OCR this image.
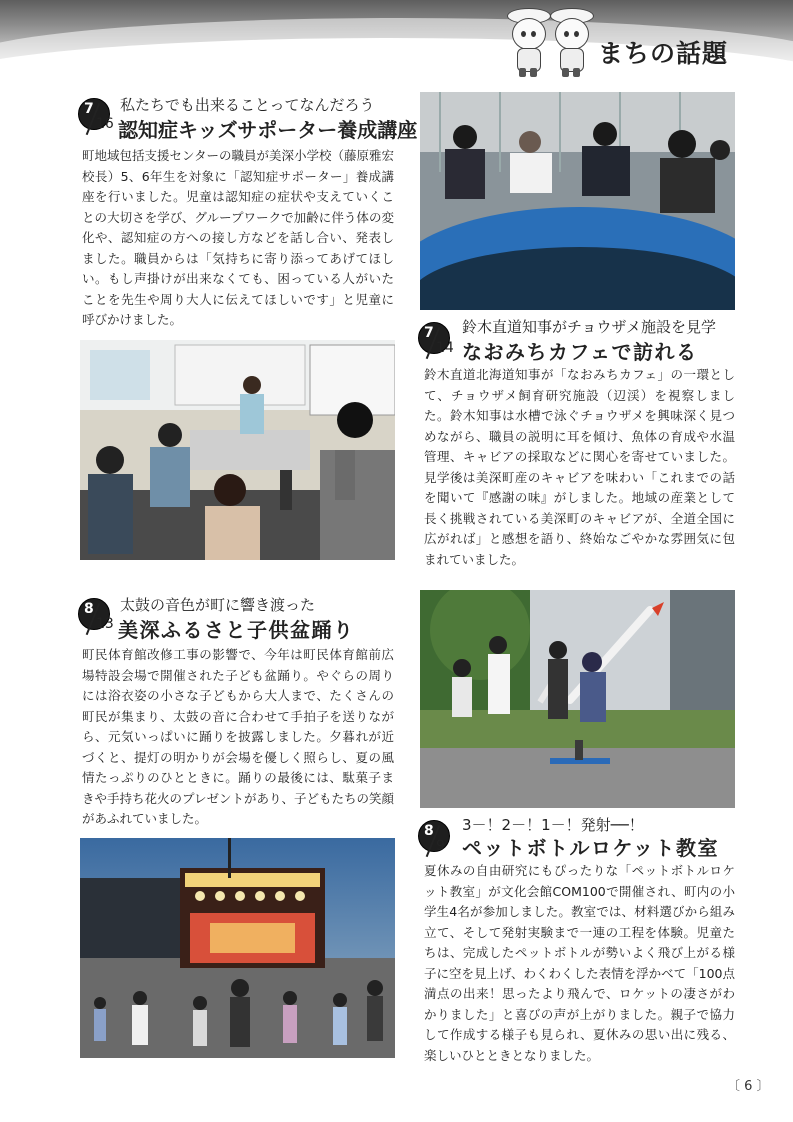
まちの話題
7
16
私たちでも出来ることってなんだろう
認知症キッズサポーター養成講座
町地域包括支援センターの職員が美深小学校（藤原雅宏校長）5、6年生を対象に「認知症サポーター」養成講座を行いました。児童は認知症の症状や支えていくことの大切さを学び、グループワークで加齢に伴う体の変化や、認知症の方への接し方などを話し合い、発表しました。職員からは「気持ちに寄り添ってあげてほしい。もし声掛けが出来なくても、困っている人がいたことを先生や周り大人に伝えてほしいです」と児童に呼びかけました。
7
14
鈴木直道知事がチョウザメ施設を見学
なおみちカフェで訪れる
鈴木直道北海道知事が「なおみちカフェ」の一環として、チョウザメ飼育研究施設（辺渓）を視察しました。鈴木知事は水槽で泳ぐチョウザメを興味深く見つめながら、職員の説明に耳を傾け、魚体の育成や水温管理、キャビアの採取などに関心を寄せていました。見学後は美深町産のキャビアを味わい「これまでの話を聞いて『感謝の味』がしました。地域の産業として長く挑戦されている美深町のキャビアが、全道全国に広がれば」と感想を語り、終始なごやかな雰囲気に包まれていました。
8
13
太鼓の音色が町に響き渡った
美深ふるさと子供盆踊り
町民体育館改修工事の影響で、今年は町民体育館前広場特設会場で開催された子ども盆踊り。やぐらの周りには浴衣姿の小さな子どもから大人まで、たくさんの町民が集まり、太鼓の音に合わせて手拍子を送りながら、元気いっぱいに踊りを披露しました。夕暮れが近づくと、提灯の明かりが会場を優しく照らし、夏の風情たっぷりのひとときに。踊りの最後には、駄菓子まきや手持ち花火のプレゼントがあり、子どもたちの笑顔があふれていました。
8
9
3－！2－！1－！発射──！
ペットボトルロケット教室
夏休みの自由研究にもぴったりな「ペットボトルロケット教室」が文化会館COM100で開催され、町内の小学生4名が参加しました。教室では、材料選びから組み立て、そして発射実験まで一連の工程を体験。児童たちは、完成したペットボトルが勢いよく飛び上がる様子に空を見上げ、わくわくした表情を浮かべて「100点満点の出来！思ったより飛んで、ロケットの凄さがわかりました」と喜びの声が上がりました。親子で協力して作成する様子も見られ、夏休みの思い出に残る、楽しいひとときとなりました。
〔 6 〕
